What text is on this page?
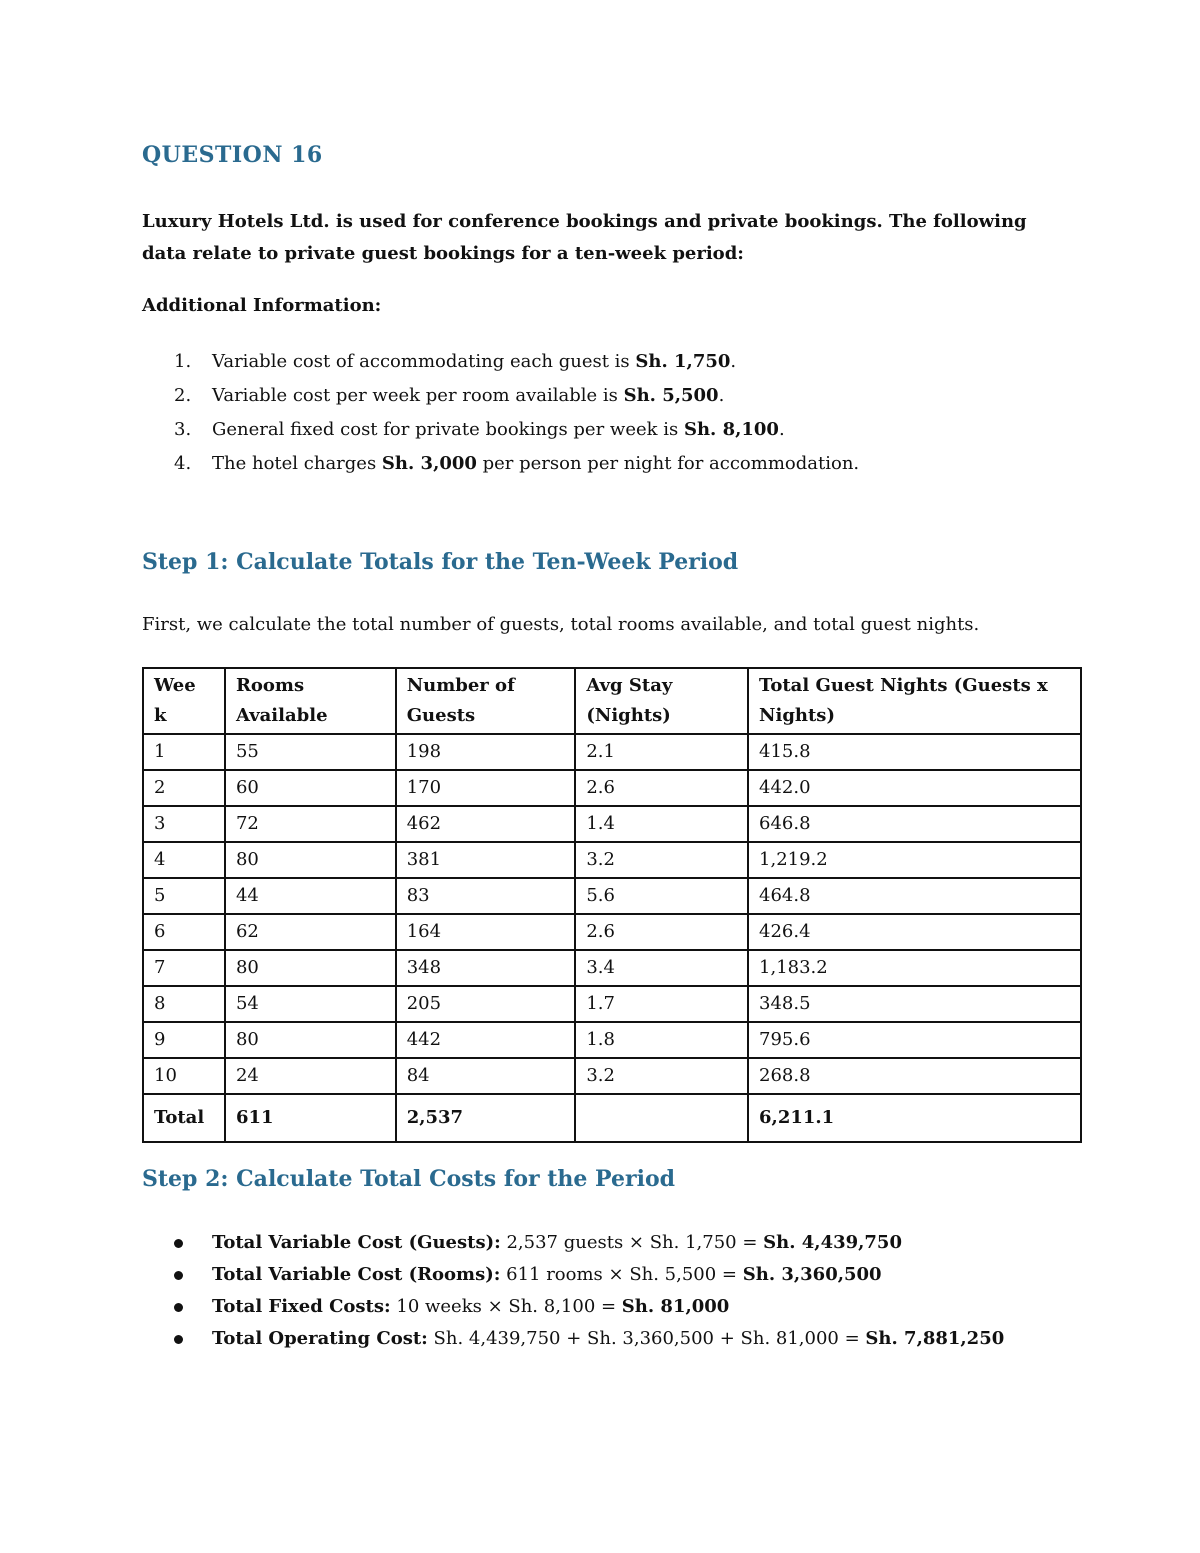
QUESTION 16

Luxury Hotels Ltd. is used for conference bookings and private bookings. The following data relate to private guest bookings for a ten-week period:

Additional Information:

1. Variable cost of accommodating each guest is Sh. 1,750.
2. Variable cost per week per room available is Sh. 5,500.
3. General fixed cost for private bookings per week is Sh. 8,100.
4. The hotel charges Sh. 3,000 per person per night for accommodation.
Step 1: Calculate Totals for the Ten-Week Period

First, we calculate the total number of guests, total rooms available, and total guest nights.

Wee k	Rooms Available	Number of Guests	Avg Stay (Nights)	Total Guest Nights (Guests x Nights)
1	55	198	2.1	415.8
2	60	170	2.6	442.0
3	72	462	1.4	646.8
4	80	381	3.2	1,219.2
5	44	83	5.6	464.8
6	62	164	2.6	426.4
7	80	348	3.4	1,183.2
8	54	205	1.7	348.5
9	80	442	1.8	795.6
10	24	84	3.2	268.8
Total	611	2,537		6,211.1
Step 2: Calculate Total Costs for the Period
Total Variable Cost (Guests): 2,537 guests × Sh. 1,750 = Sh. 4,439,750
Total Variable Cost (Rooms): 611 rooms × Sh. 5,500 = Sh. 3,360,500
Total Fixed Costs: 10 weeks × Sh. 8,100 = Sh. 81,000
Total Operating Cost: Sh. 4,439,750 + Sh. 3,360,500 + Sh. 81,000 = Sh. 7,881,250
